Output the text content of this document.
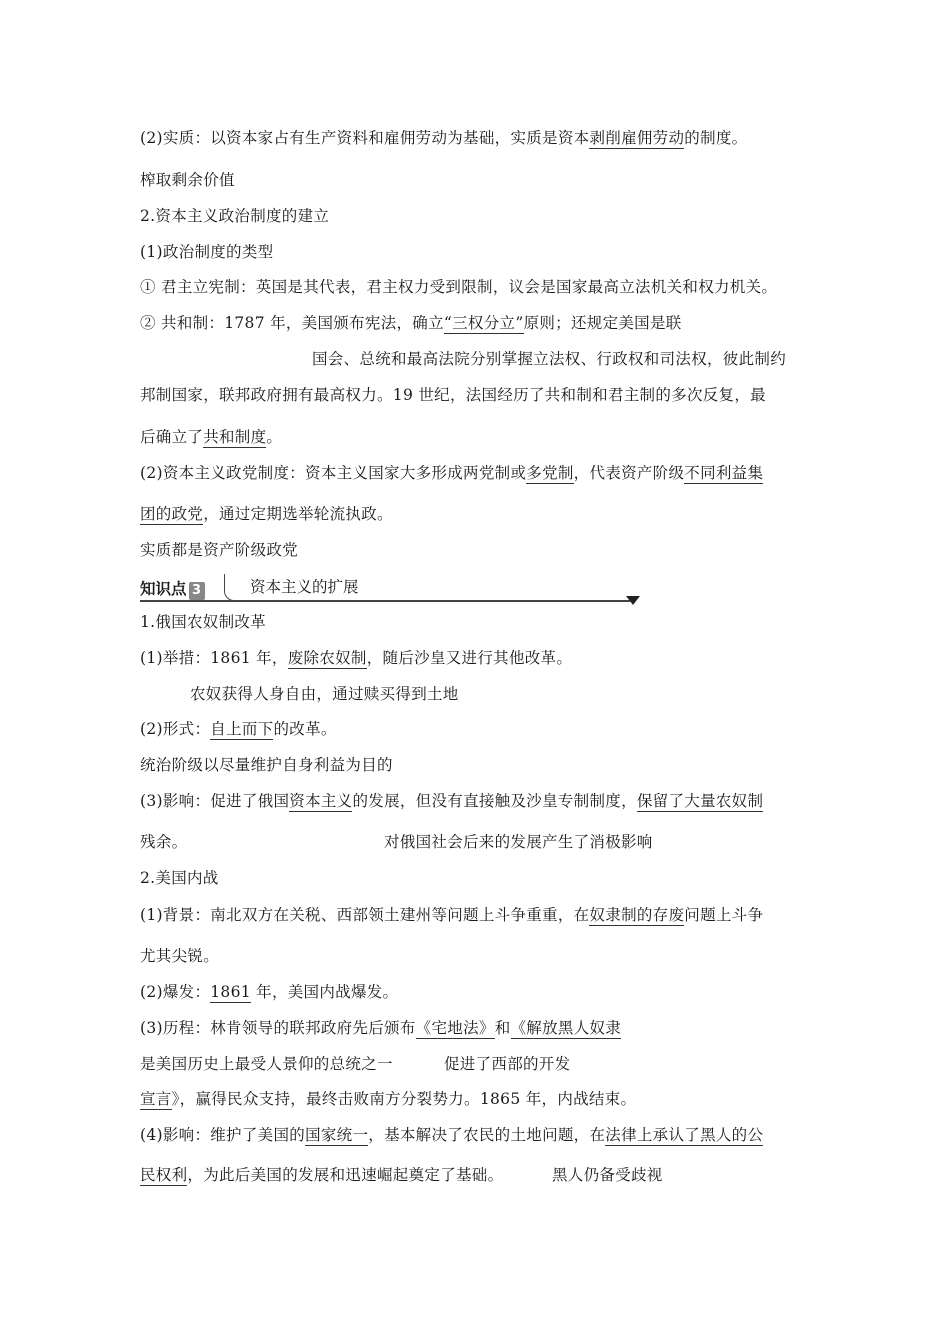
(2)实质：以资本家占有生产资料和雇佣劳动为基础，实质是资本剥削雇佣劳动的制度。
榨取剩余价值
2.资本主义政治制度的建立
(1)政治制度的类型
① 君主立宪制：英国是其代表，君主权力受到限制，议会是国家最高立法机关和权力机关。
② 共和制：1787 年，美国颁布宪法，确立“三权分立”原则；还规定美国是联
国会、总统和最高法院分别掌握立法权、行政权和司法权，彼此制约
邦制国家，联邦政府拥有最高权力。19 世纪，法国经历了共和制和君主制的多次反复，最
后确立了共和制度。
(2)资本主义政党制度：资本主义国家大多形成两党制或多党制，代表资产阶级不同利益集
团的政党，通过定期选举轮流执政。
实质都是资产阶级政党
1.俄国农奴制改革
(1)举措：1861 年，废除农奴制，随后沙皇又进行其他改革。
农奴获得人身自由，通过赎买得到土地
(2)形式：自上而下的改革。
统治阶级以尽量维护自身利益为目的
(3)影响：促进了俄国资本主义的发展，但没有直接触及沙皇专制制度，保留了大量农奴制
残余。	对俄国社会后来的发展产生了消极影响
2.美国内战
(1)背景：南北双方在关税、西部领土建州等问题上斗争重重，在奴隶制的存废问题上斗争
尤其尖锐。
(2)爆发：1861 年，美国内战爆发。
(3)历程：林肯领导的联邦政府先后颁布《宅地法》和《解放黑人奴隶
是美国历史上最受人景仰的总统之一	促进了西部的开发
宣言》，赢得民众支持，最终击败南方分裂势力。1865 年，内战结束。
(4)影响：维护了美国的国家统一，基本解决了农民的土地问题，在法律上承认了黑人的公
民权利，为此后美国的发展和迅速崛起奠定了基础。	黑人仍备受歧视
知识点 3	资本主义的扩展
